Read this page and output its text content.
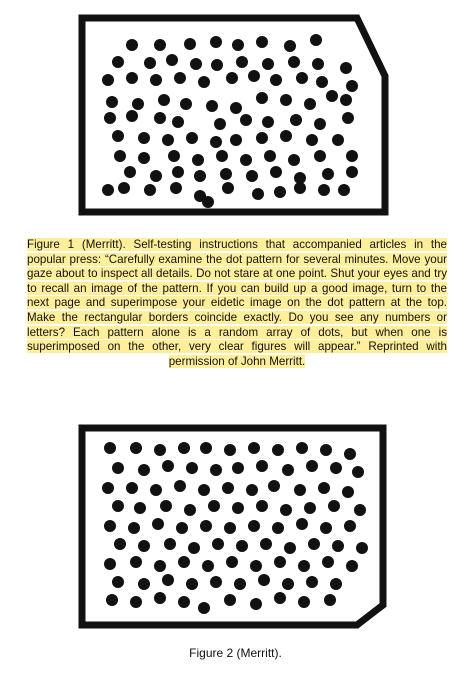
Figure 1 (Merritt). Self-testing instructions that accompanied articles in the popular press: “Carefully examine the dot pattern for several minutes. Move your gaze about to inspect all details. Do not stare at one point. Shut your eyes and try to recall an image of the pattern. If you can build up a good image, turn to the next page and superimpose your eidetic image on the dot pattern at the top. Make the rectangular borders coincide exactly. Do you see any numbers or letters? Each pattern alone is a random array of dots, but when one is superimposed on the other, very clear figures will appear.” Reprinted with permission of John Merritt.
Figure 2 (Merritt).
